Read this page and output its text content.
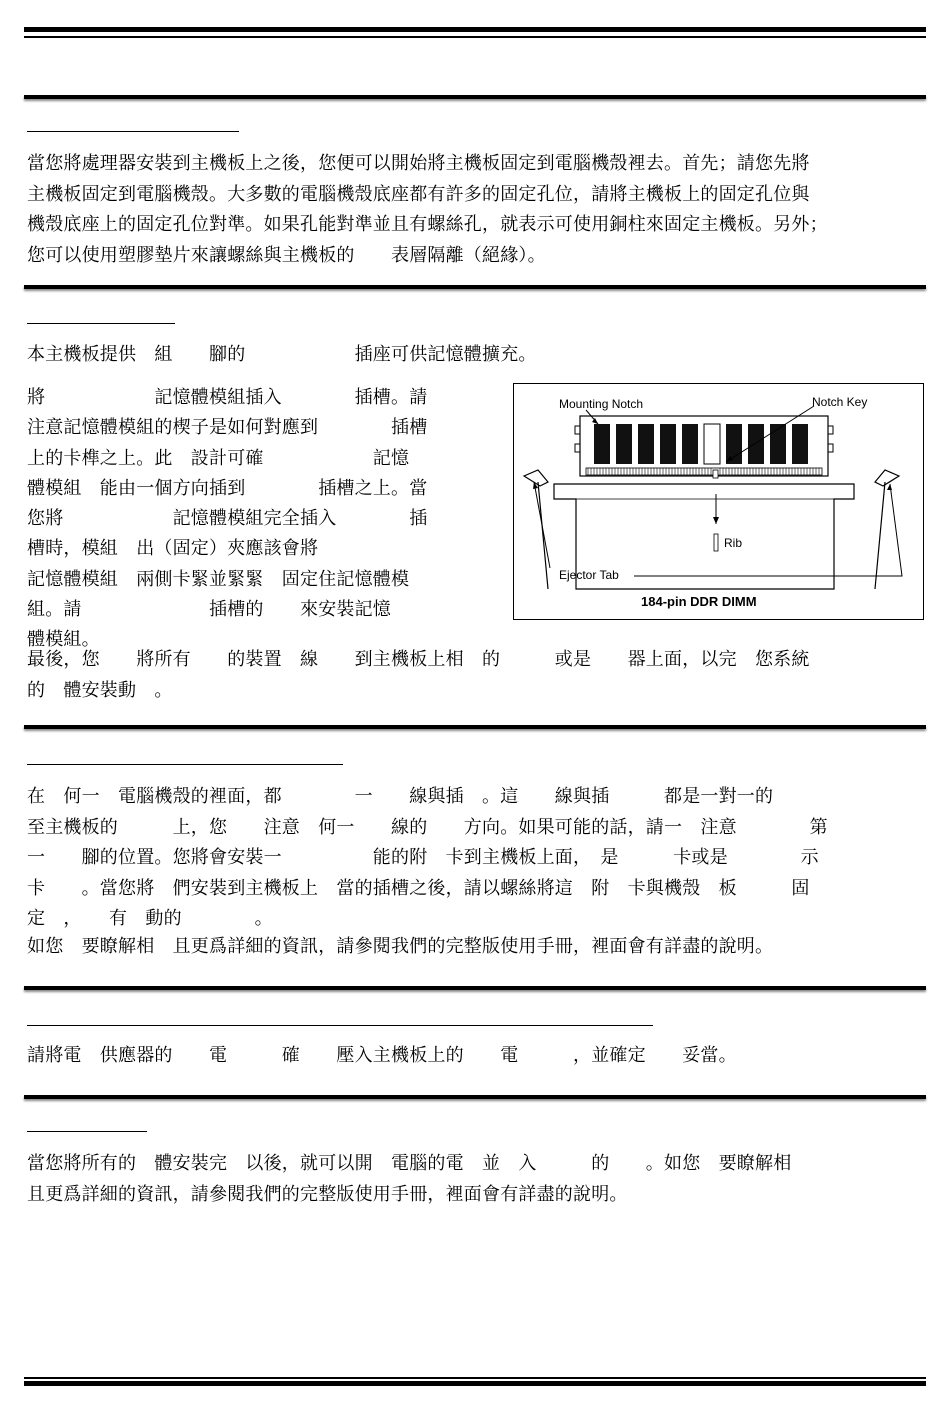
當您將處理器安裝到主機板上之後，您便可以開始將主機板固定到電腦機殼裡去。首先；請您先將
主機板固定到電腦機殼。大多數的電腦機殼底座都有許多的固定孔位，請將主機板上的固定孔位與
機殼底座上的固定孔位對準。如果孔能對準並且有螺絲孔，就表示可使用銅柱來固定主機板。另外；
您可以使用塑膠墊片來讓螺絲與主機板的　　表層隔離（絕緣）。

本主機板提供　組　　腳的　　　　　　插座可供記憶體擴充。

將　　　　　　記憶體模組插入　　　　插槽。請
注意記憶體模組的楔子是如何對應到　　　　插槽
上的卡榫之上。此　設計可確　　　　　　記憶
體模組　能由一個方向插到　　　　插槽之上。當
您將　　　　　　記憶體模組完全插入　　　　插
槽時，模組　出（固定）夾應該會將
記憶體模組　兩側卡緊並緊緊　固定住記憶體模
組。請　　　　　　　插槽的　　來安裝記憶
體模組。

Mounting Notch	Notch Key
Rib
Ejector Tab
184-pin DDR DIMM

最後，您　　將所有　　的裝置　線　　到主機板上相　的　　　或是　　器上面，以完　您系統
的　體安裝動　。

在　何一　電腦機殼的裡面，都　　　　一　　線與插　。這　　線與插　　　都是一對一的
至主機板的　　　上，您　　注意　何一　　線的　　方向。如果可能的話，請一　注意　　　　第
一　　腳的位置。您將會安裝一　　　　　能的附　卡到主機板上面，　是　　　卡或是　　　　示
卡　　。當您將　們安裝到主機板上　當的插槽之後，請以螺絲將這　附　卡與機殼　板　　　固
定　，　　有　動的　　　　。

如您　要瞭解相　且更爲詳細的資訊，請參閱我們的完整版使用手冊，裡面會有詳盡的說明。

請將電　供應器的　　電　　　確　　壓入主機板上的　　電　　　，並確定　　妥當。

當您將所有的　體安裝完　以後，就可以開　電腦的電　並　入　　　的　　。如您　要瞭解相
且更爲詳細的資訊，請參閱我們的完整版使用手冊，裡面會有詳盡的說明。
